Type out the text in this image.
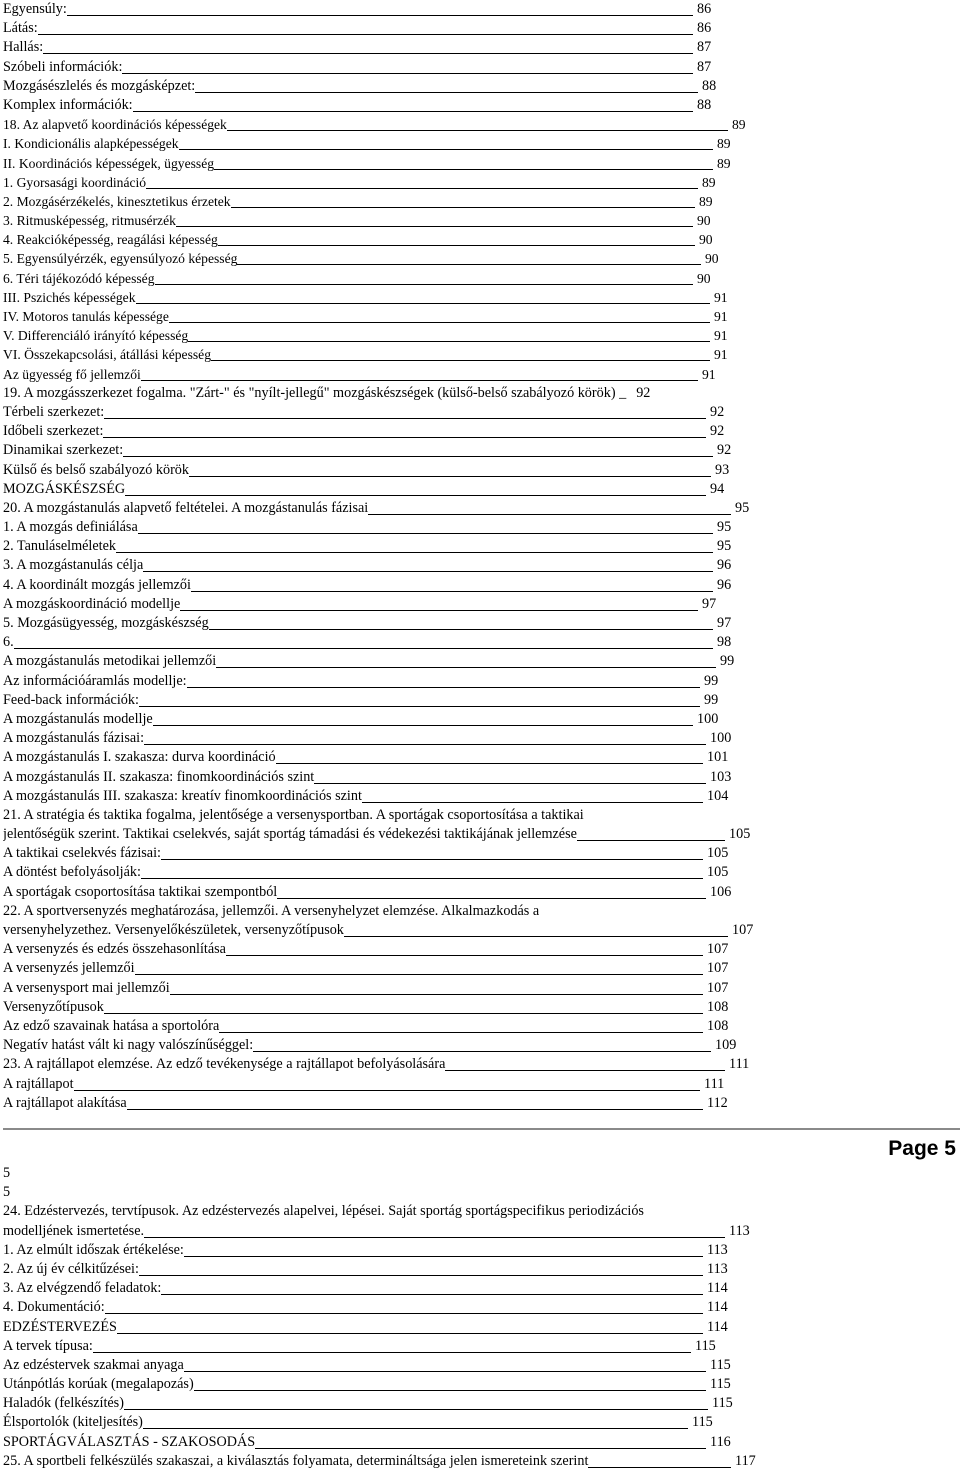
Egyensúly:	86
Látás:	86
Hallás:	87
Szóbeli információk:	87
Mozgásészlelés és mozgásképzet:	88
Komplex információk:	88
18. Az alapvető koordinációs képességek	89
I. Kondicionális alapképességek	89
II. Koordinációs képességek, ügyesség	89
1. Gyorsasági koordináció	89
2. Mozgásérzékelés, kinesztetikus érzetek	89
3. Ritmusképesség, ritmusérzék	90
4. Reakcióképesség, reagálási képesség	90
5. Egyensúlyérzék, egyensúlyozó képesség	90
6. Téri tájékozódó képesség	90
III. Pszichés képességek	91
IV. Motoros tanulás képessége	91
V. Differenciáló irányító képesség	91
VI. Összekapcsolási, átállási képesség	91
Az ügyesség fő jellemzői	91
19. A mozgásszerkezet fogalma. "Zárt-" és "nyílt-jellegű" mozgáskészségek (külső-belső szabályozó körök) _ 92
Térbeli szerkezet:	92
Időbeli szerkezet:	92
Dinamikai szerkezet:	92
Külső és belső szabályozó körök	93
MOZGÁSKÉSZSÉG	94
20. A mozgástanulás alapvető feltételei. A mozgástanulás fázisai	95
1. A mozgás definiálása	95
2. Tanuláselméletek	95
3. A mozgástanulás célja	96
4. A koordinált mozgás jellemzői	96
A mozgáskoordináció modellje	97
5. Mozgásügyesség, mozgáskészség	97
6.	98
A mozgástanulás metodikai jellemzői	99
Az információáramlás modellje:	99
Feed-back információk:	99
A mozgástanulás modellje	100
A mozgástanulás fázisai:	100
A mozgástanulás I. szakasza: durva koordináció	101
A mozgástanulás II. szakasza: finomkoordinációs szint	103
A mozgástanulás III. szakasza: kreatív finomkoordinációs szint	104
21. A stratégia és taktika fogalma, jelentősége a versenysportban. A sportágak csoportosítása a taktikai
jelentőségük szerint. Taktikai cselekvés, saját sportág támadási és védekezési taktikájának jellemzése	105
A taktikai cselekvés fázisai:	105
A döntést befolyásolják:	105
A sportágak csoportosítása taktikai szempontból	106
22. A sportversenyzés meghatározása, jellemzői. A versenyhelyzet elemzése. Alkalmazkodás a
versenyhelyzethez. Versenyelőkészületek, versenyzőtípusok	107
A versenyzés és edzés összehasonlítása	107
A versenyzés jellemzői	107
A versenysport mai jellemzői	107
Versenyzőtípusok	108
Az edző szavainak hatása a sportolóra	108
Negatív hatást vált ki nagy valószínűséggel:	109
23. A rajtállapot elemzése. Az edző tevékenysége a rajtállapot befolyásolására	111
A rajtállapot	111
A rajtállapot alakítása	112
Page 5
5
5
24. Edzéstervezés, tervtípusok. Az edzéstervezés alapelvei, lépései. Saját sportág sportágspecifikus periodizációs
modelljének ismertetése.	113
1. Az elmúlt időszak értékelése:	113
2. Az új év célkitűzései:	113
3. Az elvégzendő feladatok:	114
4. Dokumentáció:	114
EDZÉSTERVEZÉS	114
A tervek típusa:	115
Az edzéstervek szakmai anyaga	115
Utánpótlás korúak (megalapozás)	115
Haladók (felkészítés)	115
Élsportolók (kiteljesítés)	115
SPORTÁGVÁLASZTÁS - SZAKOSODÁS	116
25. A sportbeli felkészülés szakaszai, a kiválasztás folyamata, determináltsága jelen ismereteink szerint	117
